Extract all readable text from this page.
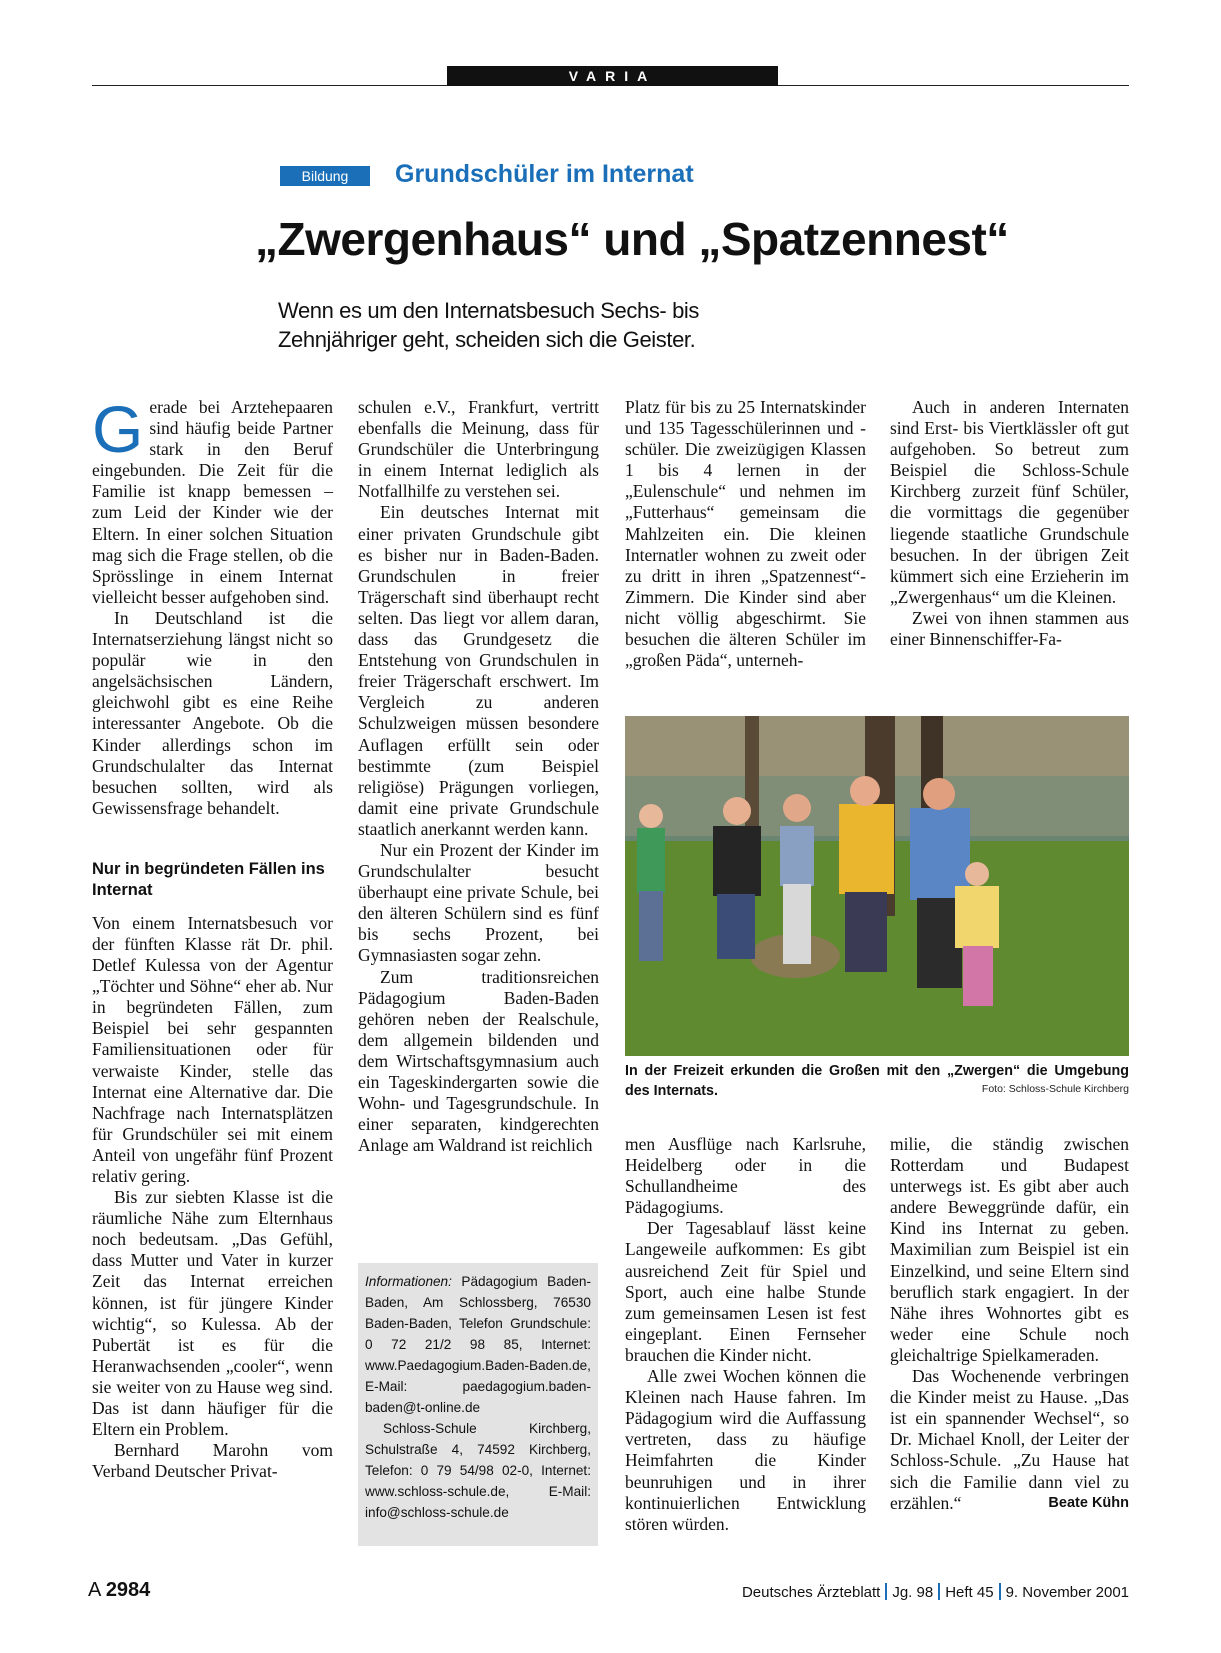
VARIA
Bildung	Grundschüler im Internat
„Zwergenhaus“ und „Spatzennest“
Wenn es um den Internatsbesuch Sechs- bis Zehnjähriger geht, scheiden sich die Geister.

Gerade bei Arztehepaaren sind häufig beide Partner stark in den Beruf eingebunden. Die Zeit für die Familie ist knapp bemessen – zum Leid der Kinder wie der Eltern. In einer solchen Situation mag sich die Frage stellen, ob die Sprösslinge in einem Internat vielleicht besser aufgehoben sind.

In Deutschland ist die Internatserziehung längst nicht so populär wie in den angelsächsischen Ländern, gleichwohl gibt es eine Reihe interessanter Angebote. Ob die Kinder allerdings schon im Grundschulalter das Internat besuchen sollten, wird als Gewissensfrage behandelt.

Nur in begründeten Fällen ins Internat

Von einem Internatsbesuch vor der fünften Klasse rät Dr. phil. Detlef Kulessa von der Agentur „Töchter und Söhne“ eher ab. Nur in begründeten Fällen, zum Beispiel bei sehr gespannten Familiensituationen oder für verwaiste Kinder, stelle das Internat eine Alternative dar. Die Nachfrage nach Internatsplätzen für Grundschüler sei mit einem Anteil von ungefähr fünf Prozent relativ gering.

Bis zur siebten Klasse ist die räumliche Nähe zum Elternhaus noch bedeutsam. „Das Gefühl, dass Mutter und Vater in kurzer Zeit das Internat erreichen können, ist für jüngere Kinder wichtig“, so Kulessa. Ab der Pubertät ist es für die Heranwachsenden „cooler“, wenn sie weiter von zu Hause weg sind. Das ist dann häufiger für die Eltern ein Problem.

Bernhard Marohn vom Verband Deutscher Privat-

schulen e.V., Frankfurt, vertritt ebenfalls die Meinung, dass für Grundschüler die Unterbringung in einem Internat lediglich als Notfallhilfe zu verstehen sei.

Ein deutsches Internat mit einer privaten Grundschule gibt es bisher nur in Baden-Baden. Grundschulen in freier Trägerschaft sind überhaupt recht selten. Das liegt vor allem daran, dass das Grundgesetz die Entstehung von Grundschulen in freier Trägerschaft erschwert. Im Vergleich zu anderen Schulzweigen müssen besondere Auflagen erfüllt sein oder bestimmte (zum Beispiel religiöse) Prägungen vorliegen, damit eine private Grundschule staatlich anerkannt werden kann.

Nur ein Prozent der Kinder im Grundschulalter besucht überhaupt eine private Schule, bei den älteren Schülern sind es fünf bis sechs Prozent, bei Gymnasiasten sogar zehn.

Zum traditionsreichen Pädagogium Baden-Baden gehören neben der Realschule, dem allgemein bildenden und dem Wirtschaftsgymnasium auch ein Tageskindergarten sowie die Wohn- und Tagesgrundschule. In einer separaten, kindgerechten Anlage am Waldrand ist reichlich

Informationen: Pädagogium Baden-Baden, Am Schlossberg, 76530 Baden-Baden, Telefon Grundschule: 0 72 21/2 98 85, Internet: www.Paedagogium.Baden-Baden.de, E-Mail: paedagogium.baden-baden@t-online.de

Schloss-Schule Kirchberg, Schulstraße 4, 74592 Kirchberg, Telefon: 0 79 54/98 02-0, Internet: www.schloss-schule.de, E-Mail: info@schloss-schule.de

Platz für bis zu 25 Internatskinder und 135 Tagesschülerinnen und -schüler. Die zweizügigen Klassen 1 bis 4 lernen in der „Eulenschule“ und nehmen im „Futterhaus“ gemeinsam die Mahlzeiten ein. Die kleinen Internatler wohnen zu zweit oder zu dritt in ihren „Spatzennest“-Zimmern. Die Kinder sind aber nicht völlig abgeschirmt. Sie besuchen die älteren Schüler im „großen Päda“, unterneh-

Auch in anderen Internaten sind Erst- bis Viertklässler oft gut aufgehoben. So betreut zum Beispiel die Schloss-Schule Kirchberg zurzeit fünf Schüler, die vormittags die gegenüber liegende staatliche Grundschule besuchen. In der übrigen Zeit kümmert sich eine Erzieherin im „Zwergenhaus“ um die Kleinen.

Zwei von ihnen stammen aus einer Binnenschiffer-Fa-

In der Freizeit erkunden die Großen mit den „Zwergen“ die Umgebung des Internats.	Foto: Schloss-Schule Kirchberg

men Ausflüge nach Karlsruhe, Heidelberg oder in die Schullandheime des Pädagogiums.

Der Tagesablauf lässt keine Langeweile aufkommen: Es gibt ausreichend Zeit für Spiel und Sport, auch eine halbe Stunde zum gemeinsamen Lesen ist fest eingeplant. Einen Fernseher brauchen die Kinder nicht.

Alle zwei Wochen können die Kleinen nach Hause fahren. Im Pädagogium wird die Auffassung vertreten, dass zu häufige Heimfahrten die Kinder beunruhigen und in ihrer kontinuierlichen Entwicklung stören würden.

milie, die ständig zwischen Rotterdam und Budapest unterwegs ist. Es gibt aber auch andere Beweggründe dafür, ein Kind ins Internat zu geben. Maximilian zum Beispiel ist ein Einzelkind, und seine Eltern sind beruflich stark engagiert. In der Nähe ihres Wohnortes gibt es weder eine Schule noch gleichaltrige Spielkameraden.

Das Wochenende verbringen die Kinder meist zu Hause. „Das ist ein spannender Wechsel“, so Dr. Michael Knoll, der Leiter der Schloss-Schule. „Zu Hause hat sich die Familie dann viel zu erzählen.“	Beate Kühn

A 2984	Deutsches Ärzteblatt Jg. 98 Heft 45 9. November 2001
